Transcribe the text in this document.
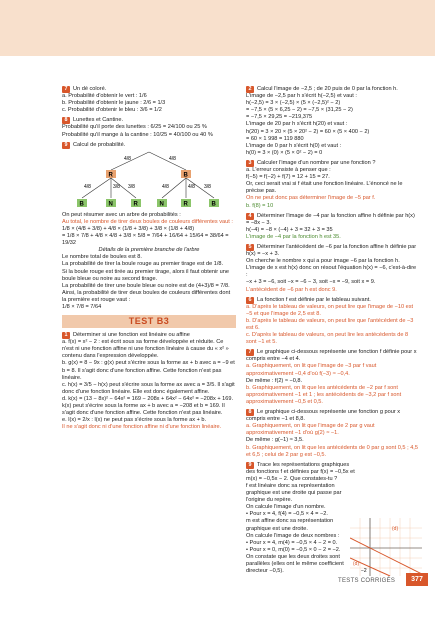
7 Un dé coloré.
a. Probabilité d'obtenir le vert : 1/6
b. Probabilité d'obtenir le jaune : 2/6 = 1/3
c. Probabilité d'obtenir le bleu : 3/6 = 1/2
8 Lunettes et Cantine.
Probabilité qu'il porte des lunettes : 6/25 = 24/100 ou 25 %
Probabilité qu'il mange à la cantine : 10/25 = 40/100 ou 40 %
9 Calcul de probabilité.
4/8	4/8
R	B
4/8	3/8 3/8	4/8	4/8 3/8
B	N	R	N	R	B
On peut résumer avec un arbre de probabilités :
Au total, le nombre de tirer deux boules de couleurs différentes vaut :
1/8 × (4/8 + 3/8) + 4/8 × (1/8 + 3/8) + 3/8 × (1/8 + 4/8)
= 1/8 × 7/8 + 4/8 × 4/8 + 3/8 × 5/8 = 7/64 + 16/64 + 15/64 = 38/64 = 19/32
Détails de la première branche de l'arbre
Le nombre total de boules est 8.
La probabilité de tirer la boule rouge au premier tirage est de 1/8.
Si la boule rouge est tirée au premier tirage, alors il faut obtenir une boule bleue ou noire au second tirage.
La probabilité de tirer une boule bleue ou noire est de (4+3)/8 = 7/8.
Ainsi, la probabilité de tirer deux boules de couleurs différentes dont la première est rouge vaut :
1/8 × 7/8 = 7/64
TEST B3
1 Déterminer si une fonction est linéaire ou affine
a. f(x) = x² − 2 : est écrit sous sa forme développée et réduite. Ce n'est ni une fonction affine ni une fonction linéaire à cause du « x² » contenu dans l'expression développée.
b. g(x) = 8 − 9x : g(x) peut s'écrire sous la forme ax + b avec a = −9 et b = 8. Il s'agit donc d'une fonction affine. Cette fonction n'est pas linéaire.
c. h(x) = 3/5 − h(x) peut s'écrire sous la forme ax avec a = 3/5. Il s'agit donc d'une fonction linéaire. Elle est donc également affine.
d. k(x) = (13 − 8x)² − 64x² = 169 − 208x + 64x² − 64x² = −208x + 169. k(x) peut s'écrire sous la forme ax + b avec a = −208 et b = 169. Il s'agit donc d'une fonction affine. Cette fonction n'est pas linéaire.
e. l(x) = 2/x : l(x) ne peut pas s'écrire sous la forme ax + b.
Il ne s'agit donc ni d'une fonction affine ni d'une fonction linéaire.
2 Calcul l'image de −2,5 ; de 20 puis de 0 par la fonction h.
L'image de −2,5 par h s'écrit h(−2,5) et vaut :
h(−2,5) = 3 × (−2,5) × (5 × (−2,5)² − 2)
= −7,5 × (5 × 6,25 − 2) = −7,5 × (31,25 − 2)
= −7,5 × 29,25 = −219,375
L'image de 20 par h s'écrit h(20) et vaut :
h(20) = 3 × 20 × (5 × 20² − 2) = 60 × (5 × 400 − 2)
= 60 × 1 998 = 119 880
L'image de 0 par h s'écrit h(0) et vaut :
h(0) = 3 × (0) × (5 × 0² − 2) = 0
3 Calculer l'image d'un nombre par une fonction ?
a. L'erreur consiste à penser que :
f(−5) = f(−2) + f(7) = 12 + 15 = 27.
Or, ceci serait vrai si f était une fonction linéaire. L'énoncé ne le précise pas.
On ne peut donc pas déterminer l'image de −5 par f.
b. f(8) = 10
4 Déterminer l'image de −4 par la fonction affine h définie par h(x) = −8x − 3.
h(−4) = −8 × (−4) + 3 = 32 + 3 = 35
L'image de −4 par la fonction h est 35.
5 Déterminer l'antécédent de −6 par la fonction affine h définie par h(x) = −x + 3.
On cherche le nombre x qui a pour image −6 par la fonction h. L'image de x est h(x) donc on résout l'équation h(x) = −6, c'est-à-dire :
−x + 3 = −6, soit −x = −6 − 3, soit −x = −9, soit x = 9.
L'antécédent de −6 par h est donc 9.
6 La fonction f est définie par le tableau suivant.
a. D'après le tableau de valeurs, on peut lire que l'image de −10 est −5 et que l'image de 2,5 est 8.
b. D'après le tableau de valeurs, on peut lire que l'antécédent de −3 est 6.
c. D'après le tableau de valeurs, on peut lire les antécédents de 8 sont −1 et 5.
7 Le graphique ci-dessous représente une fonction f définie pour x compris entre −4 et 4.
a. Graphiquement, on lit que l'image de −3 par f vaut approximativement −0,4 d'où f(−3) ≈ −0,4.
De même : f(2) ≈ −0,8.
b. Graphiquement, on lit que les antécédents de −2 par f sont approximativement −1 et 1 ; les antécédents de −3,2 par f sont approximativement −0,5 et 0,5.
8 Le graphique ci-dessous représente une fonction g pour x compris entre −1 et 8,8.
a. Graphiquement, on lit que l'image de 2 par g vaut approximativement −1 d'où g(2) ≈ −1.
De même : g(−1) ≈ 3,5.
b. Graphiquement, on lit que les antécédents de 0 par g sont 0,5 ; 4,5 et 6,5 ; celui de 2 par g est −0,5.
9 Trace les représentations graphiques des fonctions f et définies par f(x) = −0,5x et m(x) = −0,5x − 2. Que constates-tu ?
f est linéaire donc sa représentation graphique est une droite qui passe par l'origine du repère.
On calcule l'image d'un nombre.
• Pour x = 4, f(4) = −0,5 × 4 = −2.
m est affine donc sa représentation graphique est une droite.
On calcule l'image de deux nombres :
• Pour x = 4, m(4) = −0,5 × 4 − 2 = 0.
• Pour x = 0, m(0) = −0,5 × 0 − 2 = −2.
On constate que les deux droites sont parallèles (elles ont le même coefficient directeur −0,5).
(d)
(d)
−2
TESTS CORRIGÉS	377
